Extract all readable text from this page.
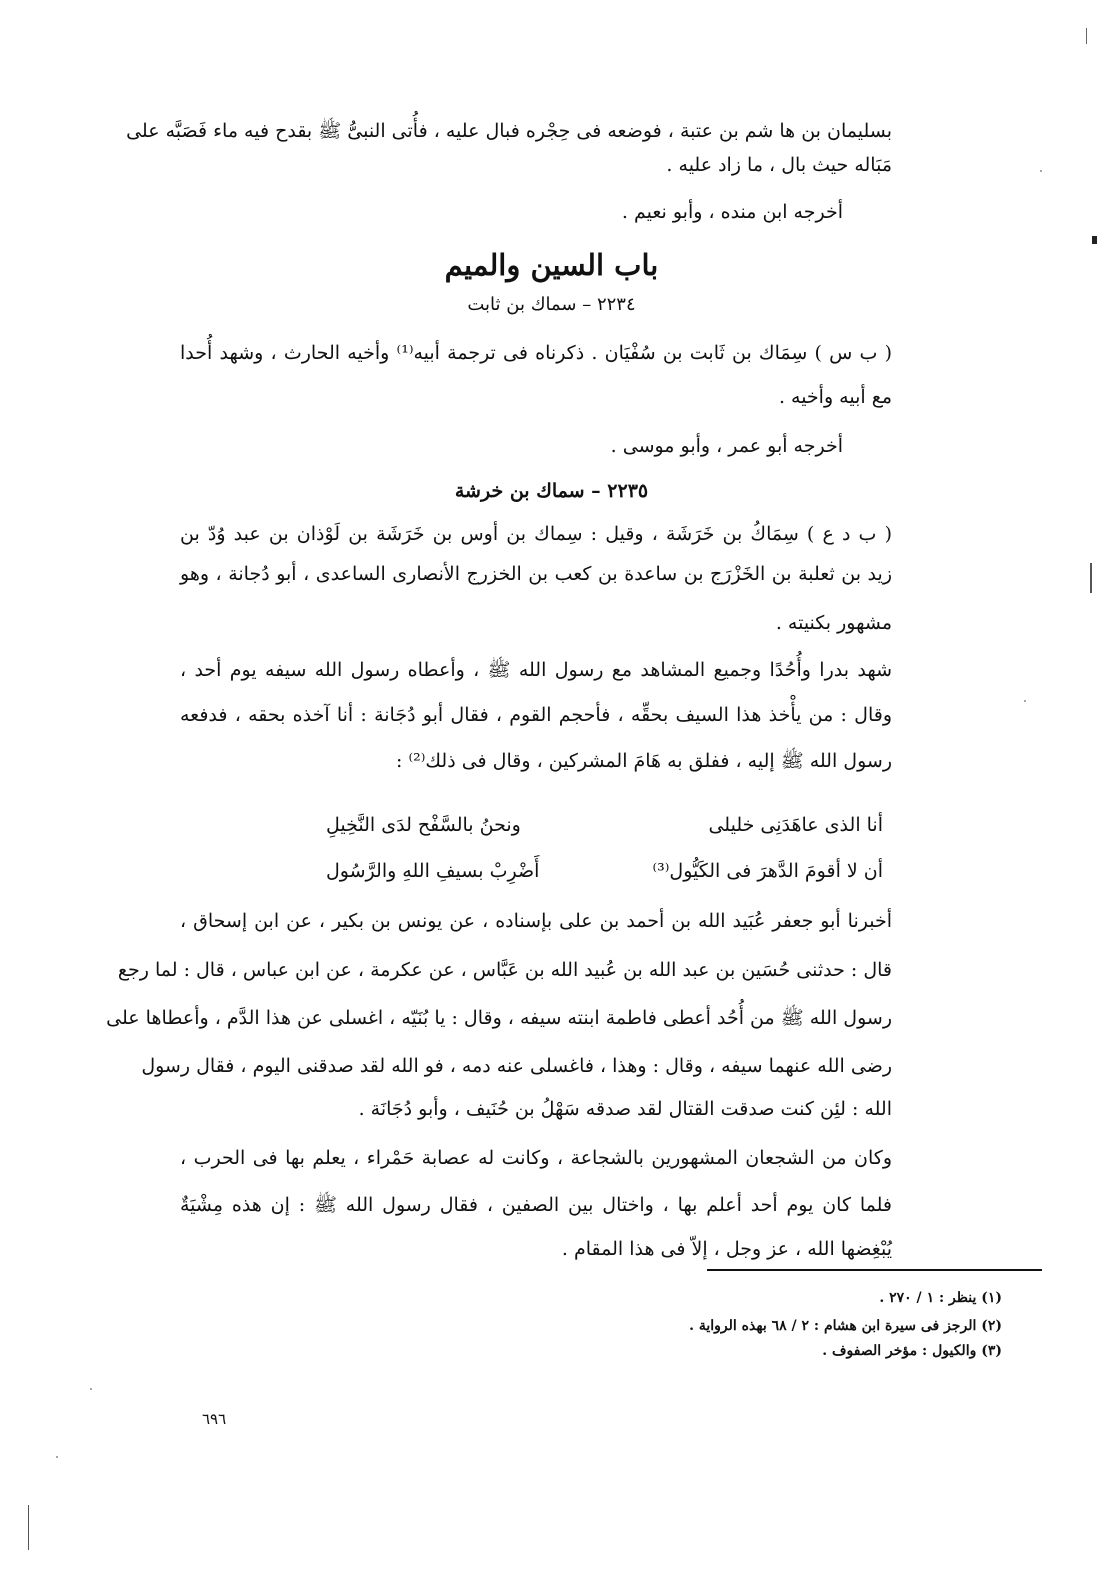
بسليمان بن ها شم بن عتبة ، فوضعه فى حِجْره فبال عليه ، فأُتى النبىُّ ﷺ بقدح فيه ماء فَصَبَّه على
مَبَاله حيث بال ، ما زاد عليه .
أخرجه ابن منده ، وأبو نعيم .
باب السين والميم
٢٢٣٤ – سماك بن ثابت
( ب س ) سِمَاك بن ثَابت بن سُفْيَان . ذكرناه فى ترجمة أبيه⁽¹⁾ وأخيه الحارث ، وشهد أُحدا
مع أبيه وأخيه .
أخرجه أبو عمر ، وأبو موسى .
٢٢٣٥ – سماك بن خرشة
( ب د ع ) سِمَاكُ بن خَرَشَة ، وقيل : سِماك بن أوس بن خَرَشَة بن لَوْذان بن عبد وُدّ بن
زيد بن ثعلبة بن الخَزْرَج بن ساعدة بن كعب بن الخزرج الأنصارى الساعدى ، أبو دُجانة ، وهو
مشهور بكنيته .
شهد بدرا وأُحُدًا وجميع المشاهد مع رسول الله ﷺ ، وأعطاه رسول الله سيفه يوم أحد ،
وقال : من يأْخذ هذا السيف بحقِّه ، فأحجم القوم ، فقال أبو دُجَانة : أنا آخذه بحقه ، فدفعه
رسول الله ﷺ إليه ، ففلق به هَامَ المشركين ، وقال فى ذلك⁽²⁾ :
أنا الذى عاهَدَنِى خليلى
ونحنُ بالسَّفْح لدَى النَّخِيلِ
أن لا أقومَ الدَّهرَ فى الكَيُّول⁽³⁾
أَضْرِبْ بسيفِ اللهِ والرَّسُول
أخبرنا أبو جعفر عُبَيد الله بن أحمد بن على بإسناده ، عن يونس بن بكير ، عن ابن إسحاق ،
قال : حدثنى حُسَين بن عبد الله بن عُبيد الله بن عَبَّاس ، عن عكرمة ، عن ابن عباس ، قال : لما رجع
رسول الله ﷺ من أُحُد أعطى فاطمة ابنته سيفه ، وقال : يا بُنَيّه ، اغسلى عن هذا الدَّم ، وأعطاها على
رضى الله عنهما سيفه ، وقال : وهذا ، فاغسلى عنه دمه ، فو الله لقد صدقنى اليوم ، فقال رسول
الله : لئِن كنت صدقت القتال لقد صدقه سَهْلُ بن حُنَيف ، وأبو دُجَانَة .
وكان من الشجعان المشهورين بالشجاعة ، وكانت له عصابة حَمْراء ، يعلم بها فى الحرب ،
فلما كان يوم أحد أعلم بها ، واختال بين الصفين ، فقال رسول الله ﷺ : إن هذه مِشْيَةٌ
يُبْغِضها الله ، عز وجل ، إلاّ فى هذا المقام .
(١) ينظر : ١ / ٢٧٠ .
(٢) الرجز فى سيرة ابن هشام : ٢ / ٦٨ بهذه الرواية .
(٣) والكيول : مؤخر الصفوف .
٦٩٦
